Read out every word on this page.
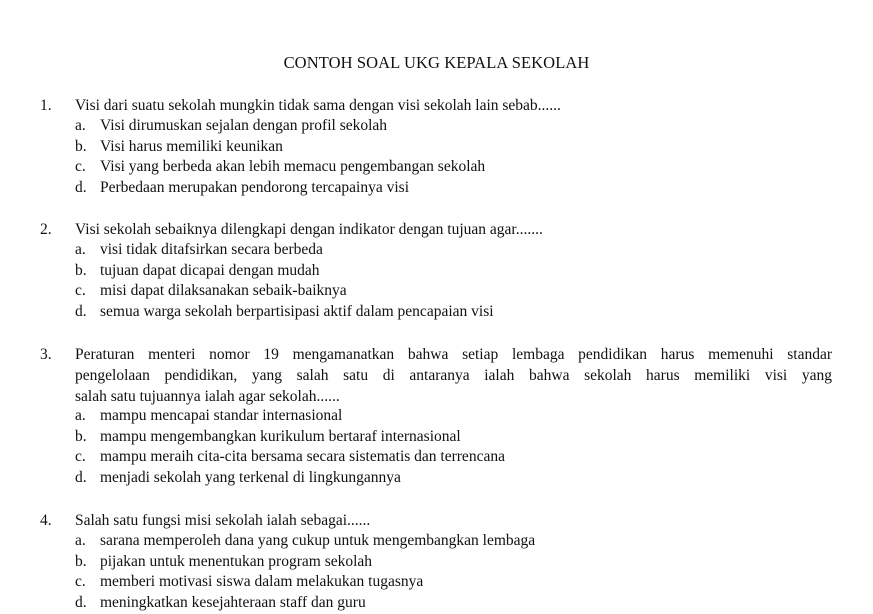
CONTOH SOAL UKG KEPALA SEKOLAH
1. Visi dari suatu sekolah mungkin tidak sama dengan visi sekolah lain sebab......
a. Visi dirumuskan sejalan dengan profil sekolah
b. Visi harus memiliki keunikan
c. Visi yang berbeda akan lebih memacu pengembangan sekolah
d. Perbedaan merupakan pendorong tercapainya visi
2. Visi sekolah sebaiknya dilengkapi dengan indikator dengan tujuan agar.......
a. visi tidak ditafsirkan secara berbeda
b. tujuan dapat dicapai dengan mudah
c. misi dapat dilaksanakan sebaik-baiknya
d. semua warga sekolah berpartisipasi aktif dalam pencapaian visi
3. Peraturan menteri nomor 19 mengamanatkan bahwa setiap lembaga pendidikan harus memenuhi standar
pengelolaan pendidikan, yang salah satu di antaranya ialah bahwa sekolah harus memiliki visi yang
salah satu tujuannya ialah agar sekolah......
a. mampu mencapai standar internasional
b. mampu mengembangkan kurikulum bertaraf internasional
c. mampu meraih cita-cita bersama secara sistematis dan terrencana
d. menjadi sekolah yang terkenal di lingkungannya
4. Salah satu fungsi misi sekolah ialah sebagai......
a. sarana memperoleh dana yang cukup untuk mengembangkan lembaga
b. pijakan untuk menentukan program sekolah
c. memberi motivasi siswa dalam melakukan tugasnya
d. meningkatkan kesejahteraan staff dan guru
